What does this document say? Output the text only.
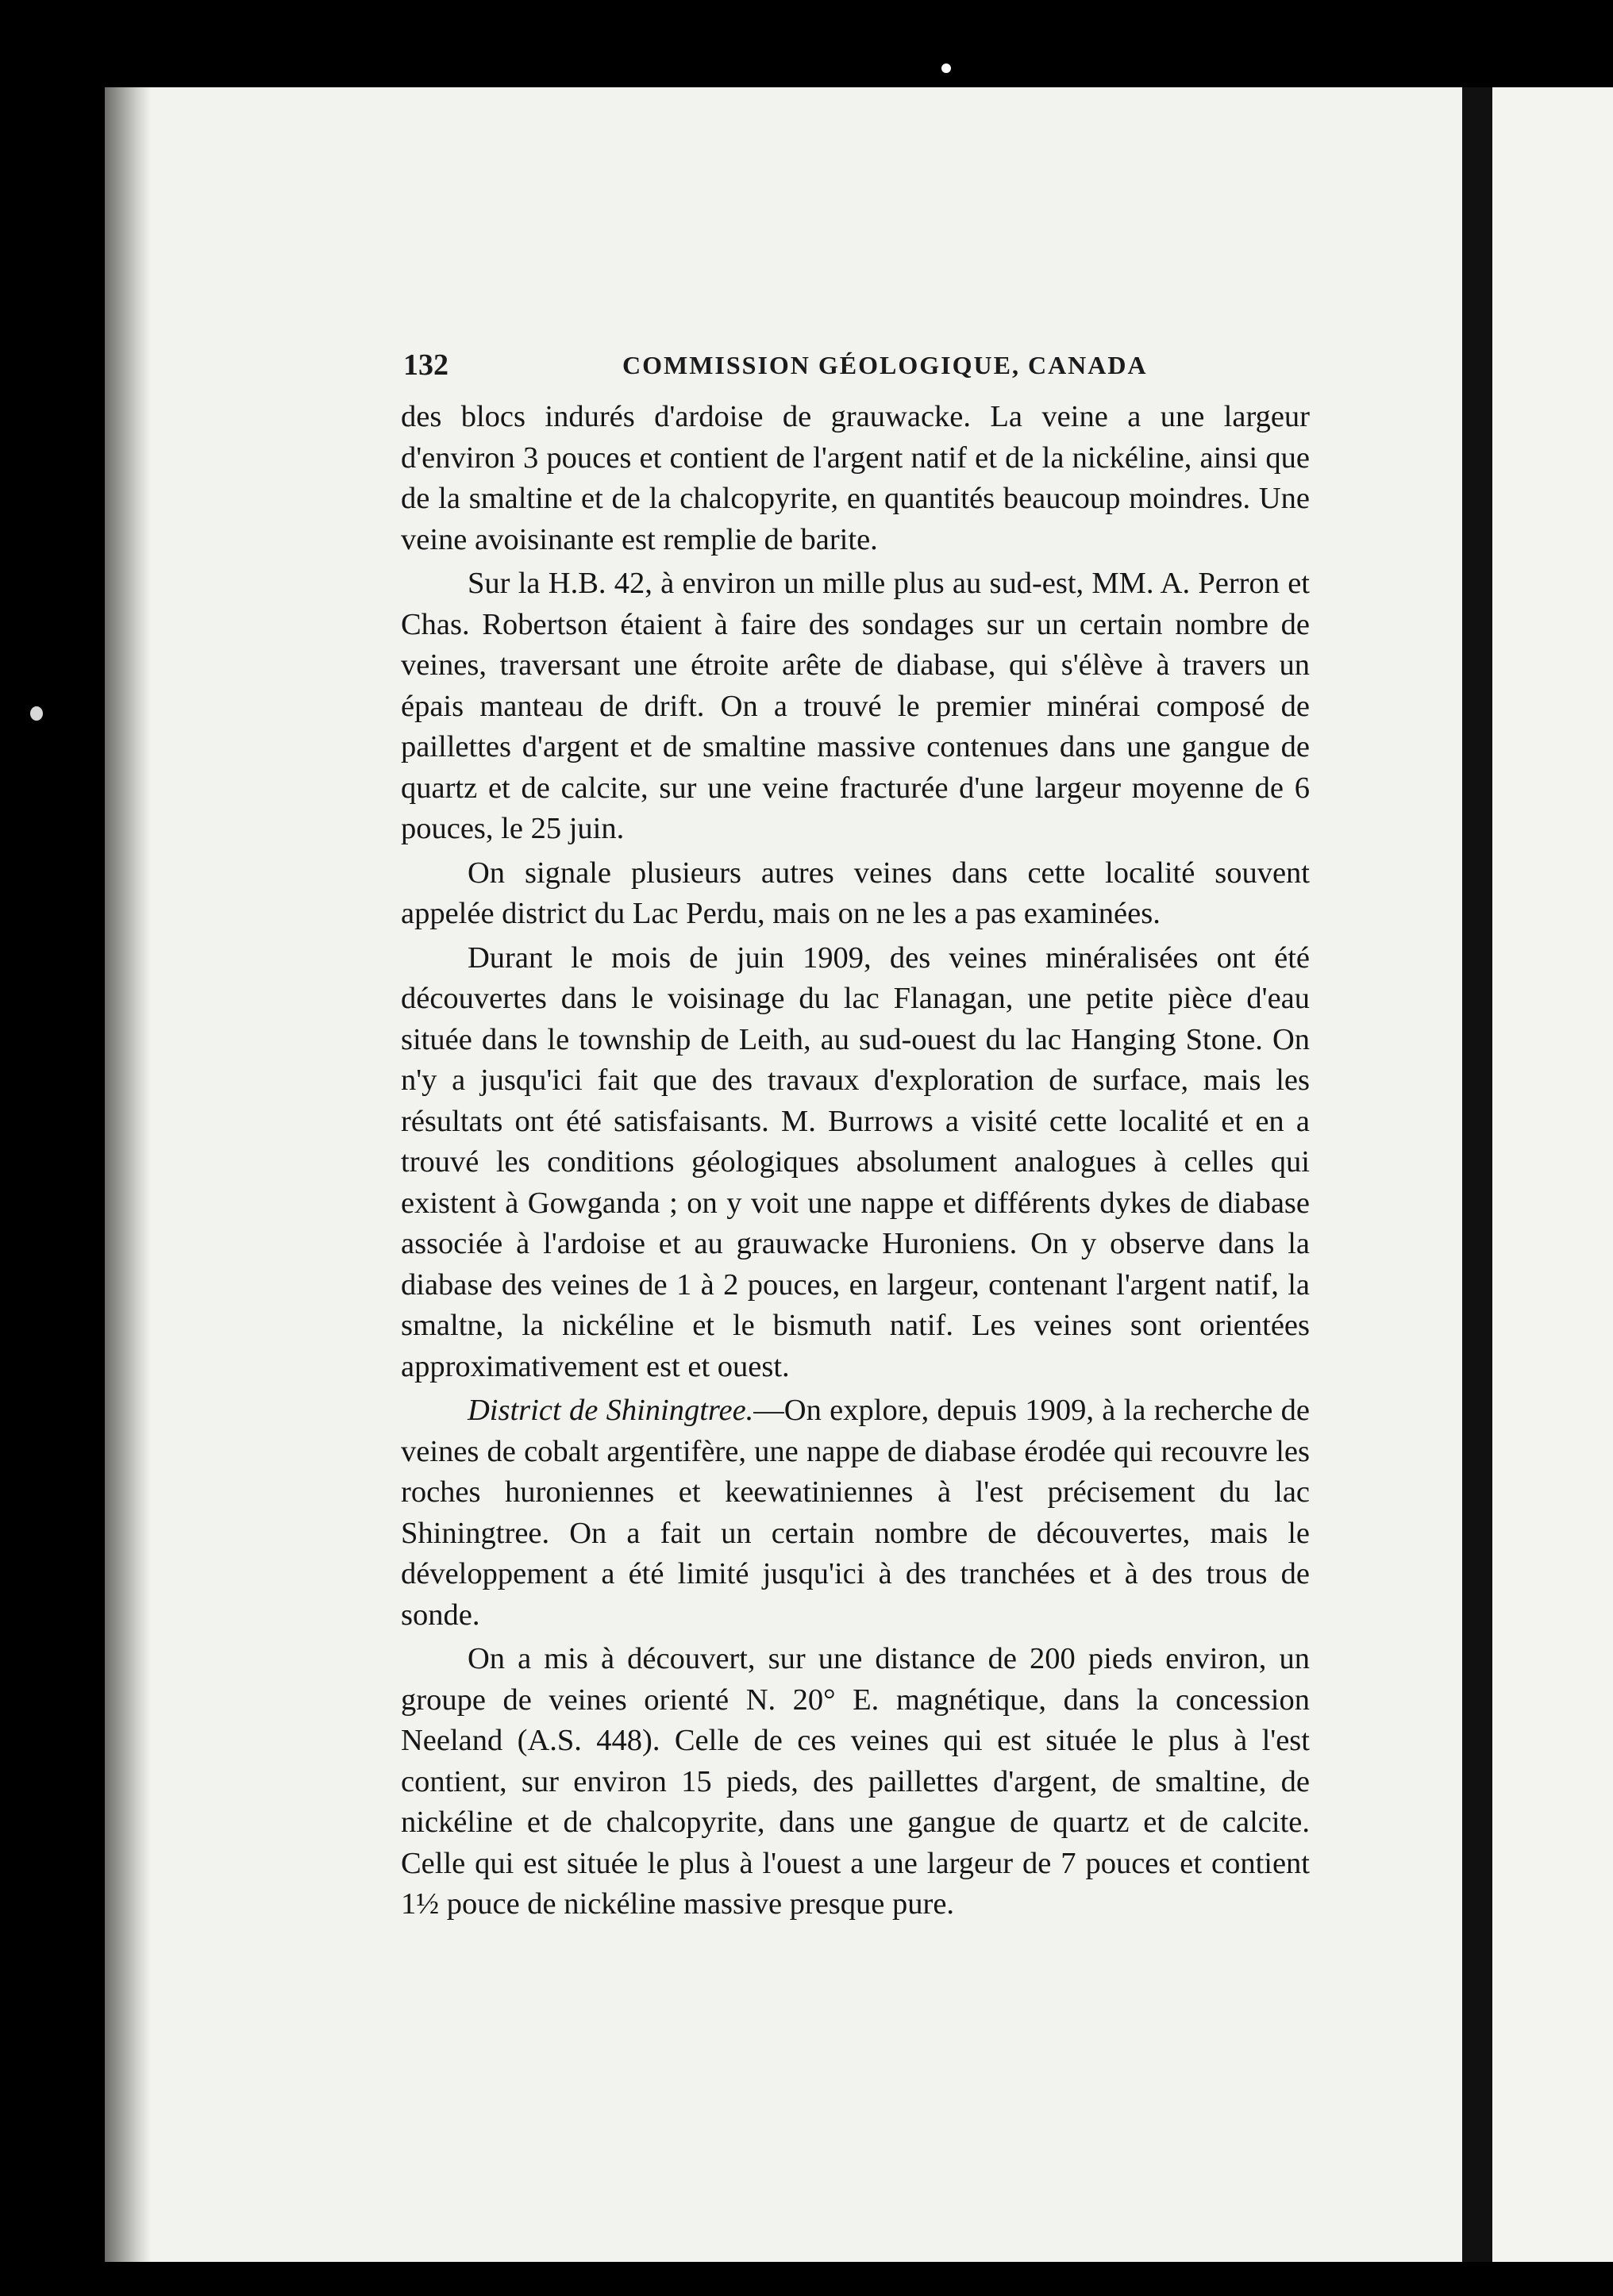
132	COMMISSION GÉOLOGIQUE, CANADA

des blocs indurés d'ardoise de grauwacke. La veine a une largeur d'environ 3 pouces et contient de l'argent natif et de la nickéline, ainsi que de la smaltine et de la chalcopyrite, en quantités beaucoup moindres. Une veine avoisinante est remplie de barite.

Sur la H.B. 42, à environ un mille plus au sud-est, MM. A. Perron et Chas. Robertson étaient à faire des sondages sur un certain nombre de veines, traversant une étroite arête de diabase, qui s'élève à travers un épais manteau de drift. On a trouvé le premier minérai composé de paillettes d'argent et de smaltine massive contenues dans une gangue de quartz et de calcite, sur une veine fracturée d'une largeur moyenne de 6 pouces, le 25 juin.

On signale plusieurs autres veines dans cette localité souvent appelée district du Lac Perdu, mais on ne les a pas examinées.

Durant le mois de juin 1909, des veines minéralisées ont été découvertes dans le voisinage du lac Flanagan, une petite pièce d'eau située dans le township de Leith, au sud-ouest du lac Hanging Stone. On n'y a jusqu'ici fait que des travaux d'exploration de surface, mais les résultats ont été satisfaisants. M. Burrows a visité cette localité et en a trouvé les conditions géologiques absolument analogues à celles qui existent à Gowganda ; on y voit une nappe et différents dykes de diabase associée à l'ardoise et au grauwacke Huroniens. On y observe dans la diabase des veines de 1 à 2 pouces, en largeur, contenant l'argent natif, la smaltne, la nickéline et le bismuth natif. Les veines sont orientées approximativement est et ouest.

District de Shiningtree.—On explore, depuis 1909, à la recherche de veines de cobalt argentifère, une nappe de diabase érodée qui recouvre les roches huroniennes et keewatiniennes à l'est précisement du lac Shiningtree. On a fait un certain nombre de découvertes, mais le développement a été limité jusqu'ici à des tranchées et à des trous de sonde.

On a mis à découvert, sur une distance de 200 pieds environ, un groupe de veines orienté N. 20° E. magnétique, dans la concession Neeland (A.S. 448). Celle de ces veines qui est située le plus à l'est contient, sur environ 15 pieds, des paillettes d'argent, de smaltine, de nickéline et de chalcopyrite, dans une gangue de quartz et de calcite. Celle qui est située le plus à l'ouest a une largeur de 7 pouces et contient 1½ pouce de nickéline massive presque pure.
